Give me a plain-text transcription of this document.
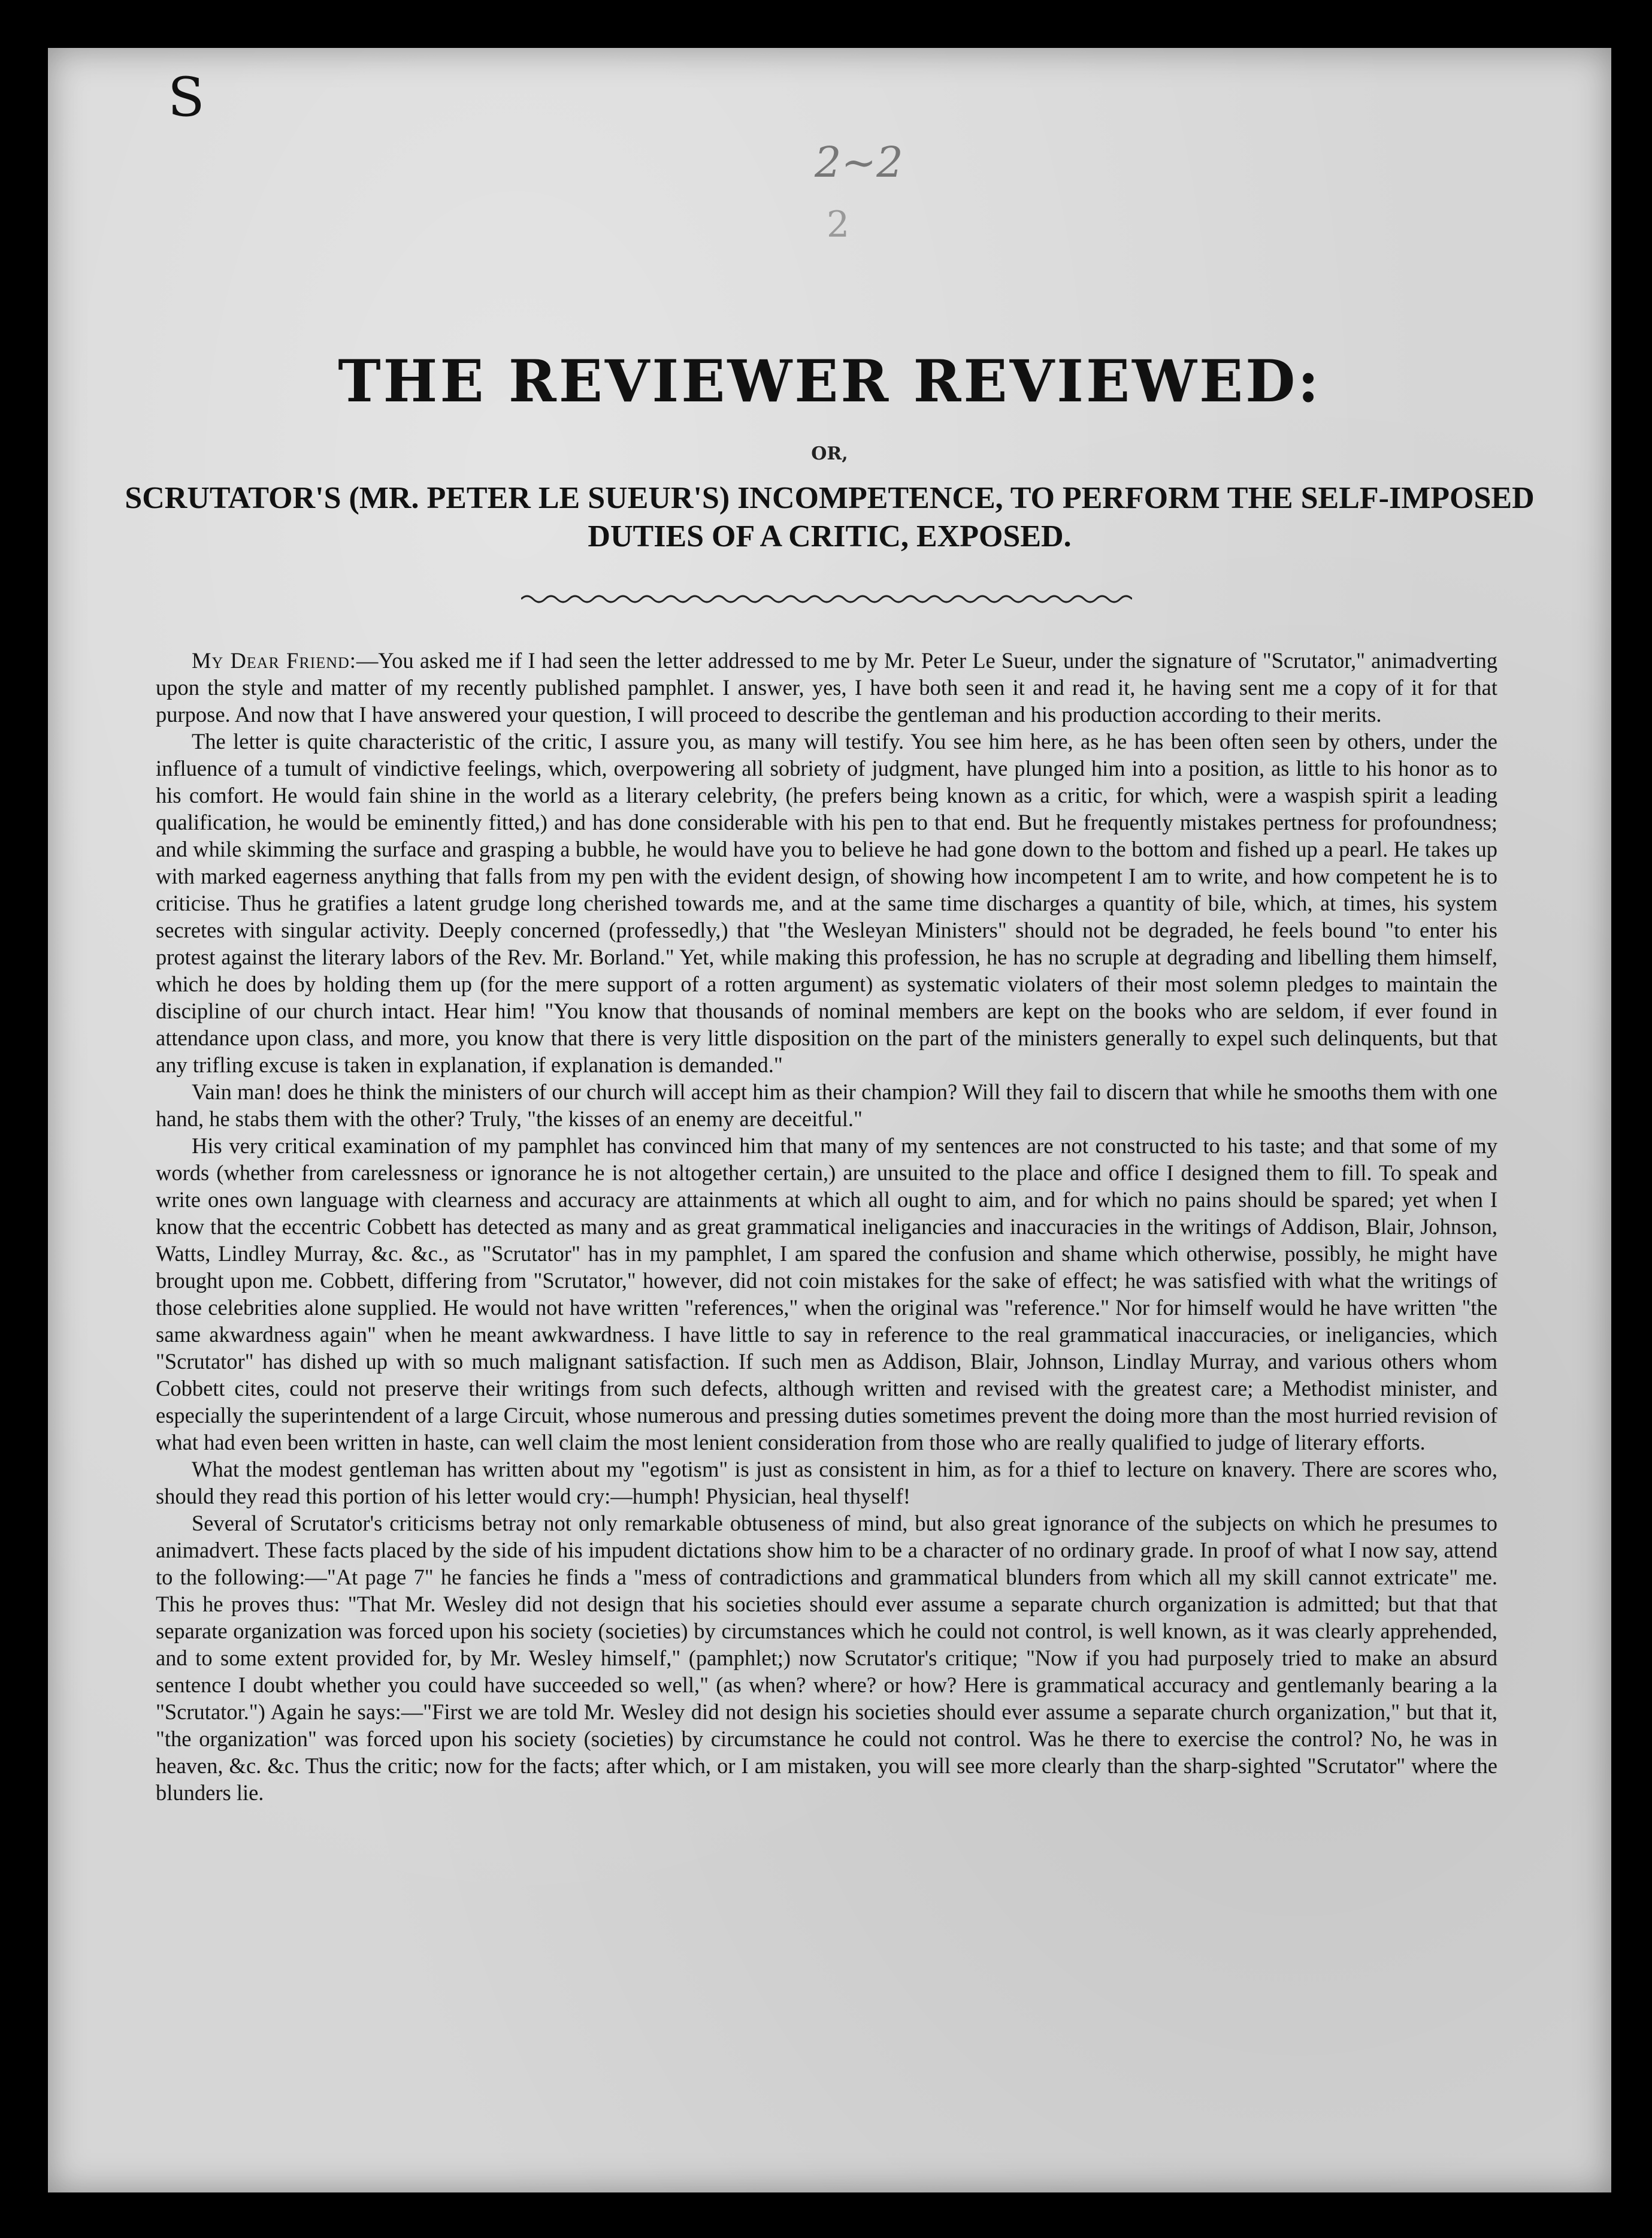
S
2~2
2
THE REVIEWER REVIEWED:
OR,
SCRUTATOR'S (MR. PETER LE SUEUR'S) INCOMPETENCE, TO PERFORM THE SELF-IMPOSED DUTIES OF A CRITIC, EXPOSED.

My Dear Friend:—You asked me if I had seen the letter addressed to me by Mr. Peter Le Sueur, under the signature of "Scrutator," animadverting upon the style and matter of my recently published pamphlet. I answer, yes, I have both seen it and read it, he having sent me a copy of it for that purpose. And now that I have answered your question, I will proceed to describe the gentleman and his production according to their merits.

The letter is quite characteristic of the critic, I assure you, as many will testify. You see him here, as he has been often seen by others, under the influence of a tumult of vindictive feelings, which, overpowering all sobriety of judgment, have plunged him into a position, as little to his honor as to his comfort. He would fain shine in the world as a literary celebrity, (he prefers being known as a critic, for which, were a waspish spirit a leading qualification, he would be eminently fitted,) and has done considerable with his pen to that end. But he frequently mistakes pertness for profoundness; and while skimming the surface and grasping a bubble, he would have you to believe he had gone down to the bottom and fished up a pearl. He takes up with marked eagerness anything that falls from my pen with the evident design, of showing how incompetent I am to write, and how competent he is to criticise. Thus he gratifies a latent grudge long cherished towards me, and at the same time discharges a quantity of bile, which, at times, his system secretes with singular activity. Deeply concerned (professedly,) that "the Wesleyan Ministers" should not be degraded, he feels bound "to enter his protest against the literary labors of the Rev. Mr. Borland." Yet, while making this profession, he has no scruple at degrading and libelling them himself, which he does by holding them up (for the mere support of a rotten argument) as systematic violaters of their most solemn pledges to maintain the discipline of our church intact. Hear him! "You know that thousands of nominal members are kept on the books who are seldom, if ever found in attendance upon class, and more, you know that there is very little disposition on the part of the ministers generally to expel such delinquents, but that any trifling excuse is taken in explanation, if explanation is demanded."

Vain man! does he think the ministers of our church will accept him as their champion? Will they fail to discern that while he smooths them with one hand, he stabs them with the other? Truly, "the kisses of an enemy are deceitful."

His very critical examination of my pamphlet has convinced him that many of my sentences are not constructed to his taste; and that some of my words (whether from carelessness or ignorance he is not altogether certain,) are unsuited to the place and office I designed them to fill. To speak and write ones own language with clearness and accuracy are attainments at which all ought to aim, and for which no pains should be spared; yet when I know that the eccentric Cobbett has detected as many and as great grammatical ineligancies and inaccuracies in the writings of Addison, Blair, Johnson, Watts, Lindley Murray, &c. &c., as "Scrutator" has in my pamphlet, I am spared the confusion and shame which otherwise, possibly, he might have brought upon me. Cobbett, differing from "Scrutator," however, did not coin mistakes for the sake of effect; he was satisfied with what the writings of those celebrities alone supplied. He would not have written "references," when the original was "reference." Nor for himself would he have written "the same akwardness again" when he meant awkwardness. I have little to say in reference to the real grammatical inaccuracies, or ineligancies, which "Scrutator" has dished up with so much malignant satisfaction. If such men as Addison, Blair, Johnson, Lindlay Murray, and various others whom Cobbett cites, could not preserve their writings from such defects, although written and revised with the greatest care; a Methodist minister, and especially the superintendent of a large Circuit, whose numerous and pressing duties sometimes prevent the doing more than the most hurried revision of what had even been written in haste, can well claim the most lenient consideration from those who are really qualified to judge of literary efforts.

What the modest gentleman has written about my "egotism" is just as consistent in him, as for a thief to lecture on knavery. There are scores who, should they read this portion of his letter would cry:—humph! Physician, heal thyself!

Several of Scrutator's criticisms betray not only remarkable obtuseness of mind, but also great ignorance of the subjects on which he presumes to animadvert. These facts placed by the side of his impudent dictations show him to be a character of no ordinary grade. In proof of what I now say, attend to the following:—"At page 7" he fancies he finds a "mess of contradictions and grammatical blunders from which all my skill cannot extricate" me. This he proves thus: "That Mr. Wesley did not design that his societies should ever assume a separate church organization is admitted; but that that separate organization was forced upon his society (societies) by circumstances which he could not control, is well known, as it was clearly apprehended, and to some extent provided for, by Mr. Wesley himself," (pamphlet;) now Scrutator's critique; "Now if you had purposely tried to make an absurd sentence I doubt whether you could have succeeded so well," (as when? where? or how? Here is grammatical accuracy and gentlemanly bearing a la "Scrutator.") Again he says:—"First we are told Mr. Wesley did not design his societies should ever assume a separate church organization," but that it, "the organization" was forced upon his society (societies) by circumstance he could not control. Was he there to exercise the control? No, he was in heaven, &c. &c. Thus the critic; now for the facts; after which, or I am mistaken, you will see more clearly than the sharp-sighted "Scrutator" where the blunders lie.
